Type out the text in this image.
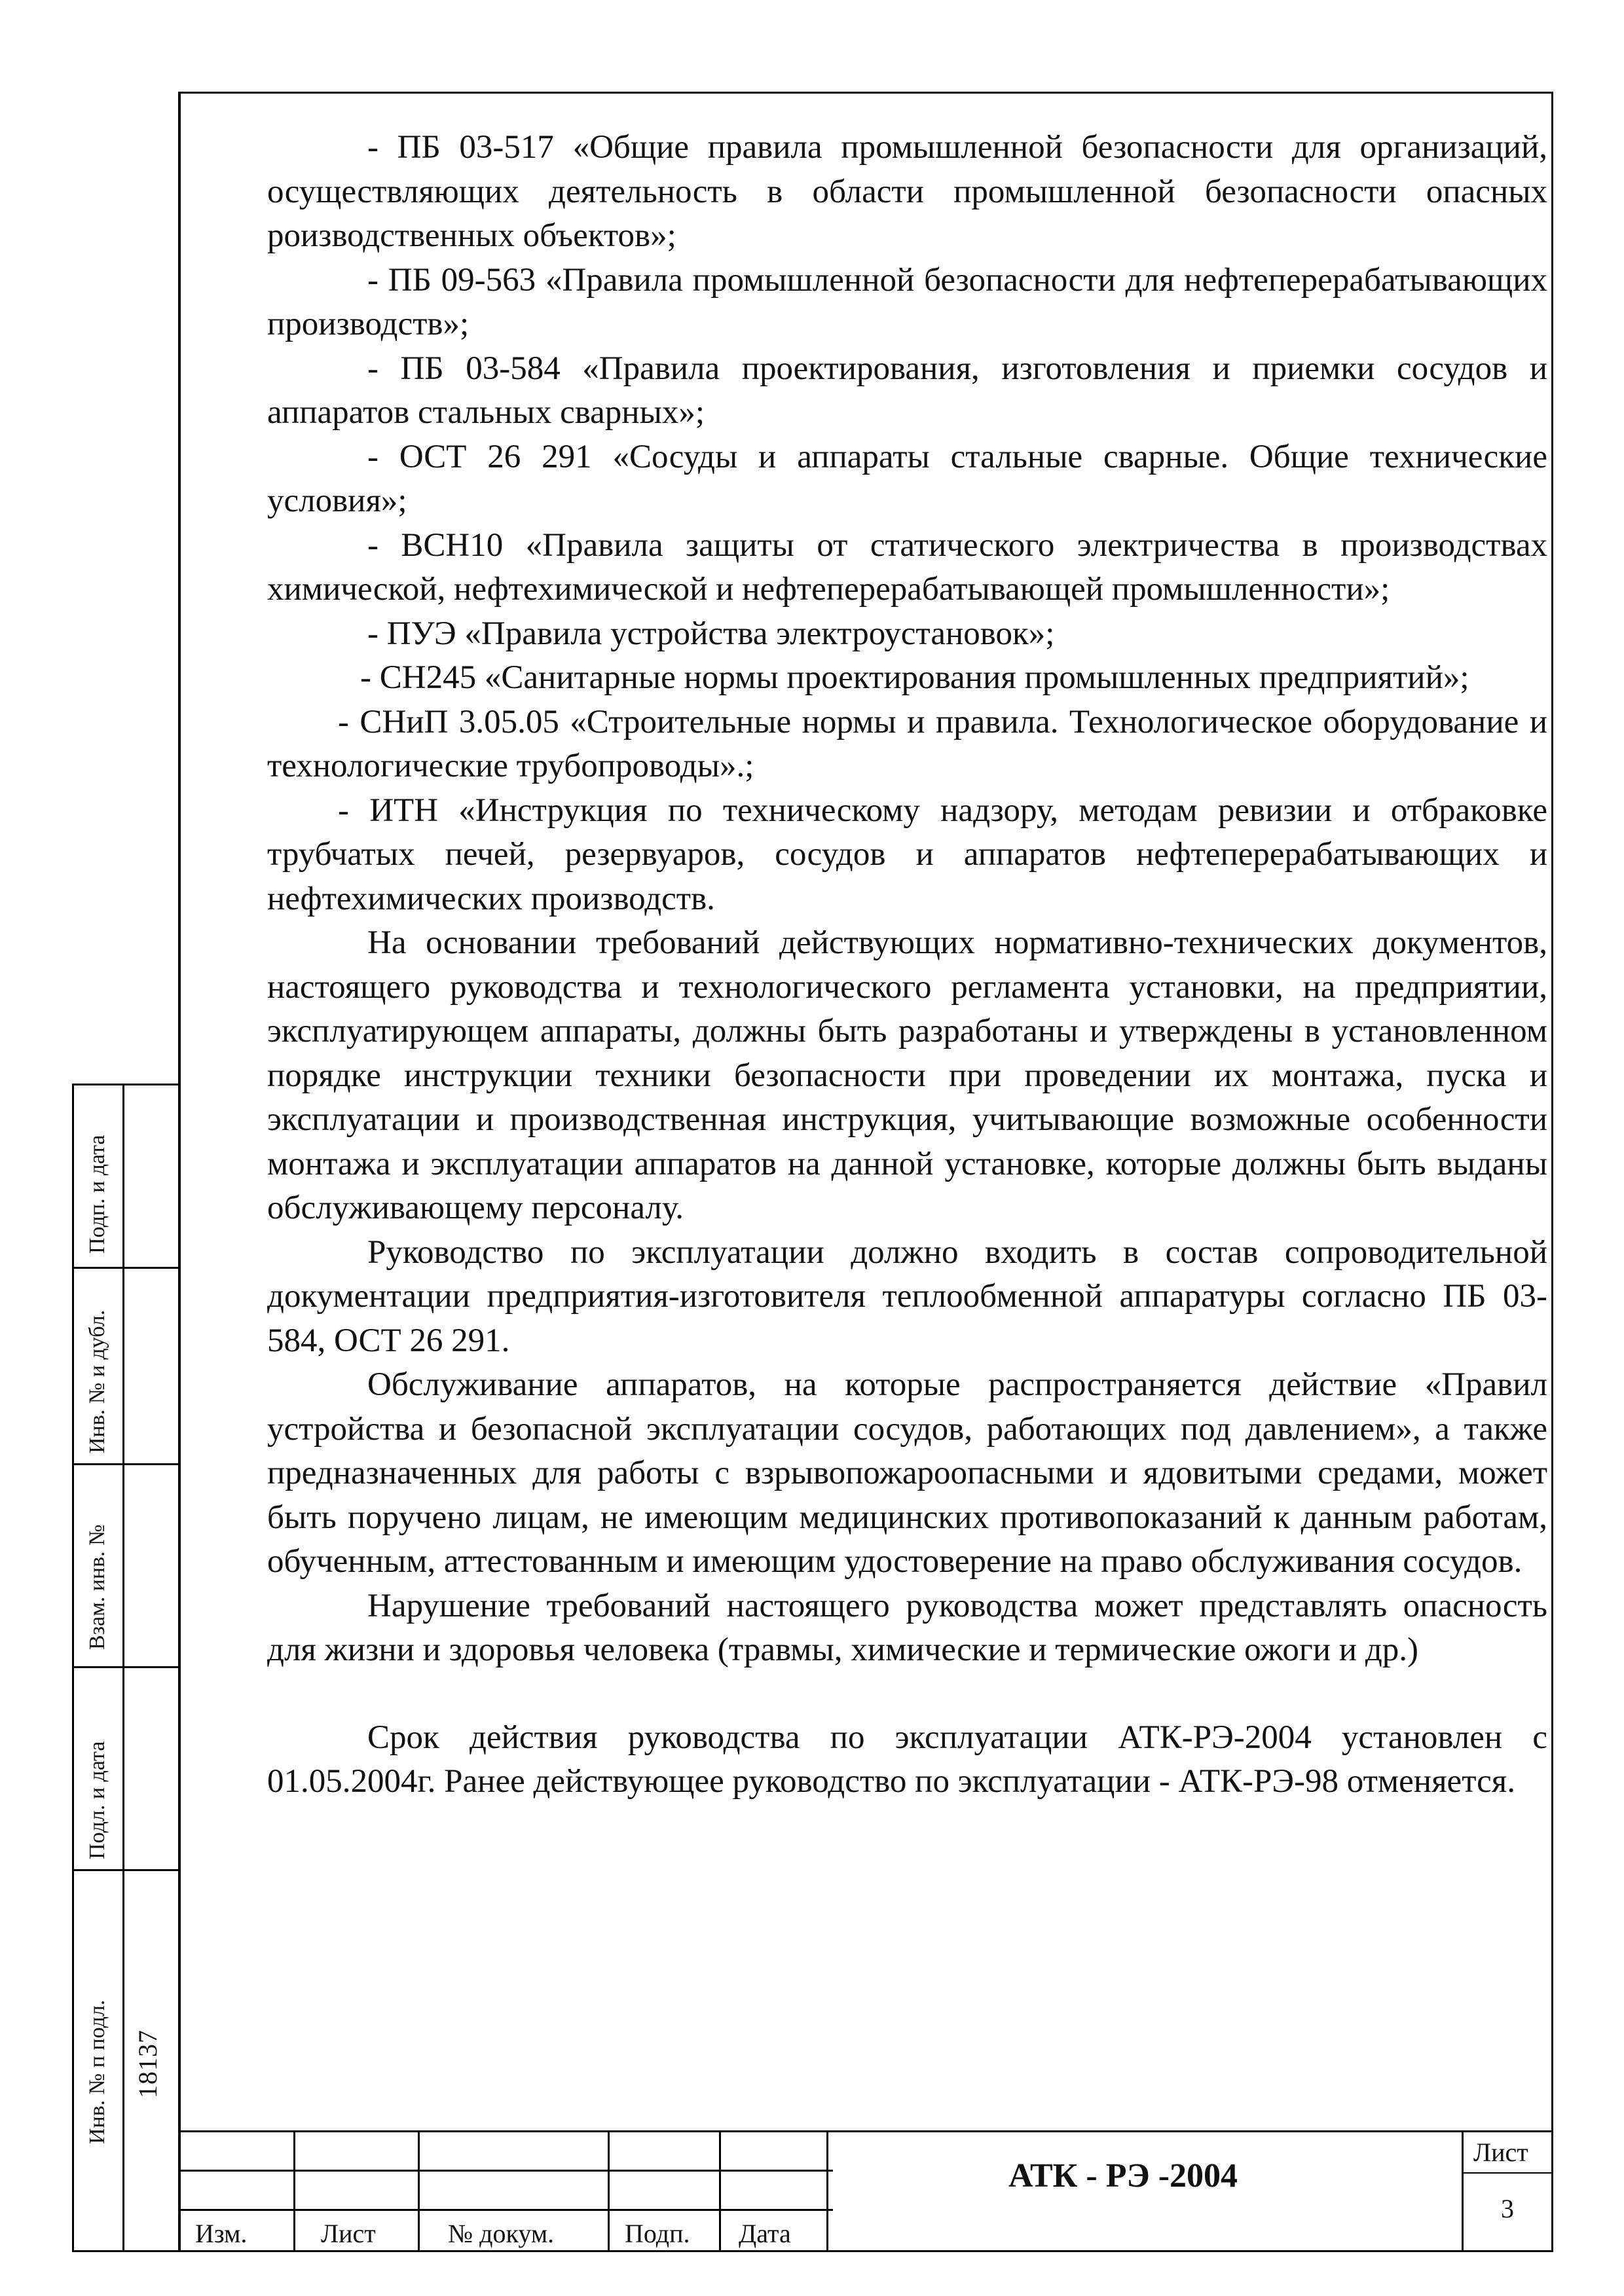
- ПБ 03-517 «Общие правила промышленной безопасности для организаций, осуществляющих деятельность в области промышленной безопасности опасных роизводственных объектов»;

- ПБ 09-563 «Правила промышленной безопасности для нефтеперерабатывающих производств»;

- ПБ 03-584 «Правила проектирования, изготовления и приемки сосудов и аппаратов стальных сварных»;

- ОСТ 26 291 «Сосуды и аппараты стальные сварные. Общие технические условия»;

- ВСН10 «Правила защиты от статического электричества в производствах химической, нефтехимической и нефтеперерабатывающей промышленности»;

- ПУЭ «Правила устройства электроустановок»;

- СН245 «Санитарные нормы проектирования промышленных предприятий»;

- СНиП 3.05.05 «Строительные нормы и правила. Технологическое оборудование и технологические трубопроводы».;

- ИТН «Инструкция по техническому надзору, методам ревизии и отбраковке трубчатых печей, резервуаров, сосудов и аппаратов нефтеперерабатывающих и нефтехимических производств.

На основании требований действующих нормативно-технических документов, настоящего руководства и технологического регламента установки, на предприятии, эксплуатирующем аппараты, должны быть разработаны и утверждены в установленном порядке инструкции техники безопасности при проведении их монтажа, пуска и эксплуатации и производственная инструкция, учитывающие возможные особенности монтажа и эксплуатации аппаратов на данной установке, которые должны быть выданы обслуживающему персоналу.

Руководство по эксплуатации должно входить в состав сопроводительной документации предприятия-изготовителя теплообменной аппаратуры согласно ПБ 03-584, ОСТ 26 291.

Обслуживание аппаратов, на которые распространяется действие «Правил устройства и безопасной эксплуатации сосудов, работающих под давлением», а также предназначенных для работы с взрывопожароопасными и ядовитыми средами, может быть поручено лицам, не имеющим медицинских противопоказаний к данным работам, обученным, аттестованным и имеющим удостоверение на право обслуживания сосудов.

Нарушение требований настоящего руководства может представлять опасность для жизни и здоровья человека (травмы, химические и термические ожоги и др.)

Срок действия руководства по эксплуатации АТК-РЭ-2004 установлен с 01.05.2004г. Ранее действующее руководство по эксплуатации - АТК-РЭ-98 отменяется.

Подп. и дата
Инв. № и дубл.
Взам. инв. №
Подл. и дата
Инв. № п подл. 18137
Изм.	Лист	№ докум.	Подп. Дата
АТК - РЭ -2004
Лист
3
